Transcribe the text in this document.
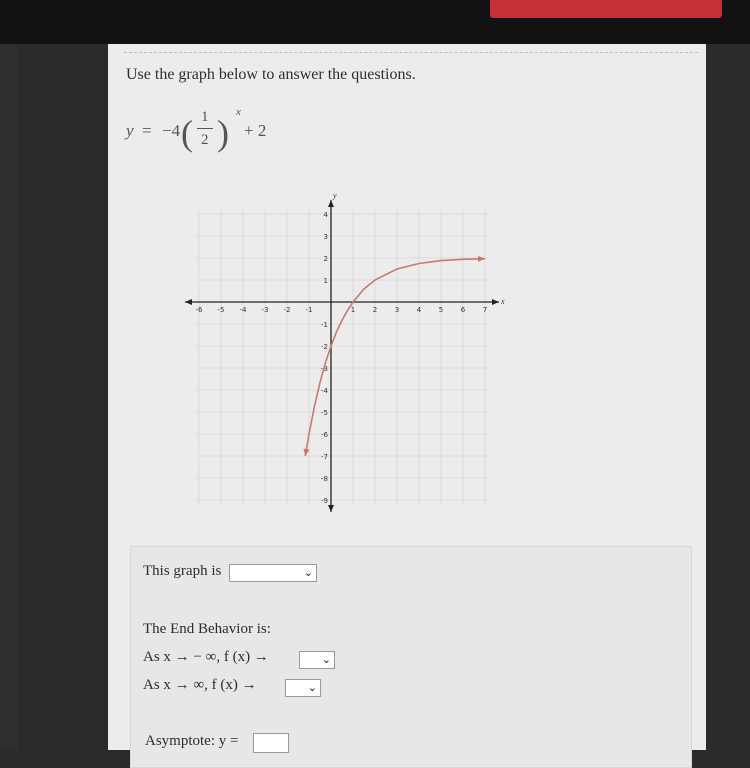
Use the graph below to answer the questions.
y = −4 ( 1
2 )
x
+ 2
x
y
-6 -5 -4 -3 -2 -1	1	2	3	4	5	6	7
4
3
2
1
-1
-2
-3
-4
-5
-6
-7
-8
-9
This graph is	⌄
The End Behavior is:
As x → − ∞, f (x) →	⌄
As x → ∞, f (x) →	⌄
Asymptote: y =
